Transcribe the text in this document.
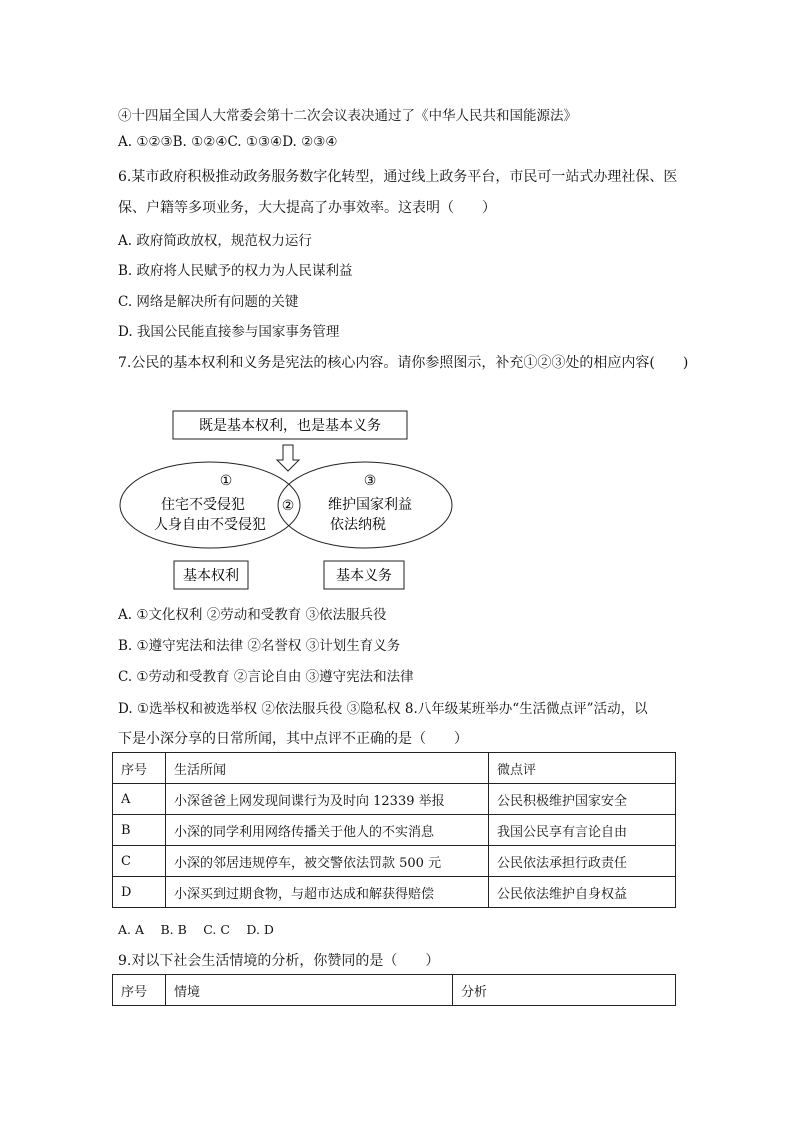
④十四届全国人大常委会第十二次会议表决通过了《中华人民共和国能源法》
A. ①②③B. ①②④C. ①③④D. ②③④
6.某市政府积极推动政务服务数字化转型，通过线上政务平台，市民可一站式办理社保、医
保、户籍等多项业务，大大提高了办事效率。这表明（　　）
A. 政府简政放权，规范权力运行
B. 政府将人民赋予的权力为人民谋利益
C. 网络是解决所有问题的关键
D. 我国公民能直接参与国家事务管理
7.公民的基本权利和义务是宪法的核心内容。请你参照图示，补充①②③处的相应内容(　　)
既是基本权利，也是基本义务
①
住宅不受侵犯
人身自由不受侵犯
②
③
维护国家利益
依法纳税
基本权利	基本义务
A. ①文化权利 ②劳动和受教育 ③依法服兵役
B. ①遵守宪法和法律 ②名誉权 ③计划生育义务
C. ①劳动和受教育 ②言论自由 ③遵守宪法和法律
D. ①选举权和被选举权 ②依法服兵役 ③隐私权 8.八年级某班举办“生活微点评”活动，以
下是小深分享的日常所闻，其中点评不正确的是（　　）
序号	生活所闻	微点评
A	小深爸爸上网发现间谍行为及时向 12339 举报	公民积极维护国家安全
B	小深的同学利用网络传播关于他人的不实消息	我国公民享有言论自由
C	小深的邻居违规停车，被交警依法罚款 500 元	公民依法承担行政责任
D	小深买到过期食物，与超市达成和解获得赔偿	公民依法维护自身权益
A. A　 B. B　 C. C　 D. D
9.对以下社会生活情境的分析，你赞同的是（　　）
序号	情境	分析
